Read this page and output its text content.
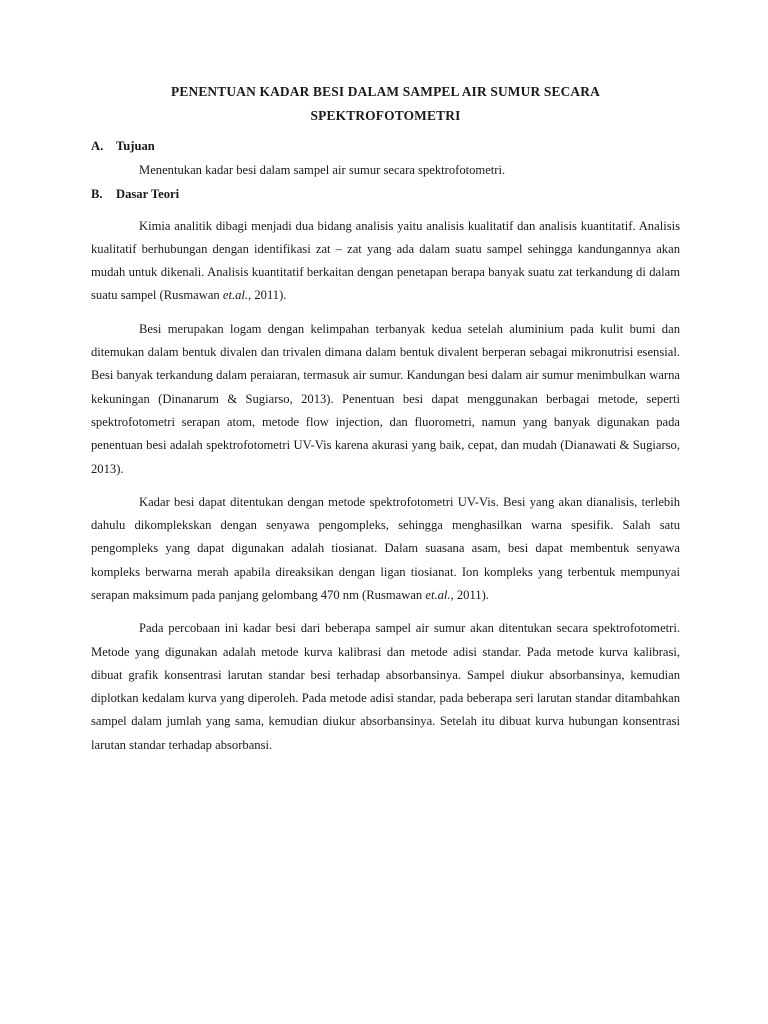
PENENTUAN KADAR BESI DALAM SAMPEL AIR SUMUR SECARA
SPEKTROFOTOMETRI
A.	Tujuan

Menentukan kadar besi dalam sampel air sumur secara spektrofotometri.

B.	Dasar Teori

Kimia analitik dibagi menjadi dua bidang analisis yaitu analisis kualitatif dan analisis kuantitatif. Analisis kualitatif berhubungan dengan identifikasi zat – zat yang ada dalam suatu sampel sehingga kandungannya akan mudah untuk dikenali. Analisis kuantitatif berkaitan dengan penetapan berapa banyak suatu zat terkandung di dalam suatu sampel (Rusmawan et.al., 2011).

Besi merupakan logam dengan kelimpahan terbanyak kedua setelah aluminium pada kulit bumi dan ditemukan dalam bentuk divalen dan trivalen dimana dalam bentuk divalent berperan sebagai mikronutrisi esensial. Besi banyak terkandung dalam peraiaran, termasuk air sumur. Kandungan besi dalam air sumur menimbulkan warna kekuningan (Dinanarum & Sugiarso, 2013). Penentuan besi dapat menggunakan berbagai metode, seperti spektrofotometri serapan atom, metode flow injection, dan fluorometri, namun yang banyak digunakan pada penentuan besi adalah spektrofotometri UV-Vis karena akurasi yang baik, cepat, dan mudah (Dianawati & Sugiarso, 2013).

Kadar besi dapat ditentukan dengan metode spektrofotometri UV-Vis. Besi yang akan dianalisis, terlebih dahulu dikomplekskan dengan senyawa pengompleks, sehingga menghasilkan warna spesifik. Salah satu pengompleks yang dapat digunakan adalah tiosianat. Dalam suasana asam, besi dapat membentuk senyawa kompleks berwarna merah apabila direaksikan dengan ligan tiosianat. Ion kompleks yang terbentuk mempunyai serapan maksimum pada panjang gelombang 470 nm (Rusmawan et.al., 2011).

Pada percobaan ini kadar besi dari beberapa sampel air sumur akan ditentukan secara spektrofotometri. Metode yang digunakan adalah metode kurva kalibrasi dan metode adisi standar. Pada metode kurva kalibrasi, dibuat grafik konsentrasi larutan standar besi terhadap absorbansinya. Sampel diukur absorbansinya, kemudian diplotkan kedalam kurva yang diperoleh. Pada metode adisi standar, pada beberapa seri larutan standar ditambahkan sampel dalam jumlah yang sama, kemudian diukur absorbansinya. Setelah itu dibuat kurva hubungan konsentrasi larutan standar terhadap absorbansi.
